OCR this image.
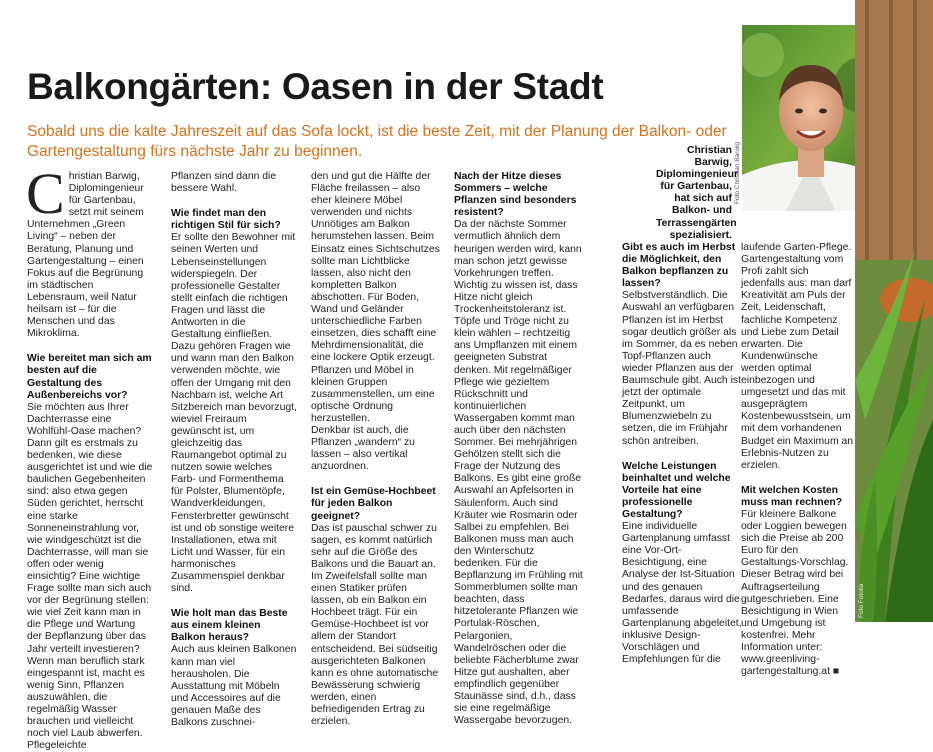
Balkongärten: Oasen in der Stadt
Sobald uns die kalte Jahreszeit auf das Sofa lockt, ist die beste Zeit, mit der Planung der Balkon- oder Gartengestaltung fürs nächste Jahr zu beginnen.

Christian Barwig, Diplomingenieur für Gartenbau, setzt mit seinem Unternehmen „Green Living“ – neben der Beratung, Planung und Gartengestaltung – einen Fokus auf die Begrünung im städtischen Lebensraum, weil Natur heilsam ist – für die Menschen und das Mikroklima.

Wie bereitet man sich am besten auf die Gestaltung des Außenbereichs vor?

Sie möchten aus Ihrer Dachterrasse eine Wohlfühl-Oase machen? Dann gilt es erstmals zu bedenken, wie diese ausgerichtet ist und wie die baulichen Gegebenheiten sind: also etwa gegen Süden gerichtet, herrscht eine starke Sonneneinstrahlung vor, wie windgeschützt ist die Dachterrasse, will man sie offen oder wenig einsichtig? Eine wichtige Frage sollte man sich auch vor der Begrünung stellen: wie viel Zeit kann man in die Pflege und Wartung der Bepflanzung über das Jahr verteilt investieren? Wenn man beruflich stark eingespannt ist, macht es wenig Sinn, Pflanzen auszuwählen, die regelmäßig Wasser brauchen und vielleicht noch viel Laub abwerfen. Pflegeleichte

Pflanzen sind dann die bessere Wahl.

Wie findet man den richtigen Stil für sich?

Er sollte den Bewohner mit seinen Werten und Lebenseinstellungen widerspiegeln. Der professionelle Gestalter stellt einfach die richtigen Fragen und lässt die Antworten in die Gestaltung einfließen. Dazu gehören Fragen wie und wann man den Balkon verwenden möchte, wie offen der Umgang mit den Nachbarn ist, welche Art Sitzbereich man bevorzugt, wieviel Freiraum gewünscht ist, um gleichzeitig das Raumangebot optimal zu nutzen sowie welches Farb- und Formenthema für Polster, Blumentöpfe, Wandverkleidungen, Fensterbretter gewünscht ist und ob sonstige weitere Installationen, etwa mit Licht und Wasser, für ein harmonisches Zusammenspiel denkbar sind.

Wie holt man das Beste aus einem kleinen Balkon heraus?

Auch aus kleinen Balkonen kann man viel herausholen. Die Ausstattung mit Möbeln und Accessoires auf die genauen Maße des Balkons zuschnei-

den und gut die Hälfte der Fläche freilassen – also eher kleinere Möbel verwenden und nichts Unnötiges am Balkon herumstehen lassen. Beim Einsatz eines Sichtschutzes sollte man Lichtblicke lassen, also nicht den kompletten Balkon abschotten. Für Boden, Wand und Geländer unterschiedliche Farben einsetzen, dies schafft eine Mehrdimensionalität, die eine lockere Optik erzeugt. Pflanzen und Möbel in kleinen Gruppen zusammenstellen, um eine optische Ordnung herzustellen.

Denkbar ist auch, die Pflanzen „wandern“ zu lassen – also vertikal anzuordnen.

Ist ein Gemüse-Hochbeet für jeden Balkon geeignet?

Das ist pauschal schwer zu sagen, es kommt natürlich sehr auf die Größe des Balkons und die Bauart an. Im Zweifelsfall sollte man einen Statiker prüfen lassen, ob ein Balkon ein Hochbeet trägt. Für ein Gemüse-Hochbeet ist vor allem der Standort entscheidend. Bei südseitig ausgerichteten Balkonen kann es ohne automatische Bewässerung schwierig werden, einen befriedigenden Ertrag zu erzielen.

Nach der Hitze dieses Sommers – welche Pflanzen sind besonders resistent?

Da der nächste Sommer vermutlich ähnlich dem heurigen werden wird, kann man schon jetzt gewisse Vorkehrungen treffen. Wichtig zu wissen ist, dass Hitze nicht gleich Trockenheitstoleranz ist. Töpfe und Tröge nicht zu klein wählen – rechtzeitig ans Umpflanzen mit einem geeigneten Substrat denken. Mit regelmäßiger Pflege wie gezieltem Rückschnitt und kontinuierlichen Wassergaben kommt man auch über den nächsten Sommer. Bei mehrjährigen Gehölzen stellt sich die Frage der Nutzung des Balkons. Es gibt eine große Auswahl an Apfelsorten in Säulenform. Auch sind Kräuter wie Rosmarin oder Salbei zu empfehlen. Bei Balkonen muss man auch den Winterschutz bedenken. Für die Bepflanzung im Frühling mit Sommerblumen sollte man beachten, dass hitzetolerante Pflanzen wie Portulak-Röschen, Pelargonien, Wandelröschen oder die beliebte Fächerblume zwar Hitze gut aushalten, aber empfindlich gegenüber Staunässe sind, d.h., dass sie eine regelmäßige Wassergabe bevorzugen.

Foto Christian Barwig
Christian Barwig, Diplomingenieur für Gartenbau, hat sich auf Balkon- und Terrassengärten spezialisiert.
Gibt es auch im Herbst die Möglichkeit, den Balkon bepflanzen zu lassen?

Selbstverständlich. Die Auswahl an verfügbaren Pflanzen ist im Herbst sogar deutlich größer als im Sommer, da es neben Topf-Pflanzen auch wieder Pflanzen aus der Baumschule gibt. Auch ist jetzt der optimale Zeitpunkt, um Blumenzwiebeln zu setzen, die im Frühjahr schön antreiben.

Welche Leistungen beinhaltet und welche Vorteile hat eine professionelle Gestaltung?

Eine individuelle Gartenplanung umfasst eine Vor-Ort-Besichtigung, eine Analyse der Ist-Situation und des genauen Bedarfes, daraus wird die umfassende Gartenplanung abgeleitet, inklusive Design-Vorschlägen und Empfehlungen für die

laufende Garten-Pflege. Gartengestaltung vom Profi zahlt sich jedenfalls aus: man darf Kreativität am Puls der Zeit, Leidenschaft, fachliche Kompetenz und Liebe zum Detail erwarten. Die Kundenwünsche werden optimal einbezogen und umgesetzt und das mit ausgeprägtem Kostenbewusstsein, um mit dem vorhandenen Budget ein Maximum an Erlebnis-Nutzen zu erzielen.

Mit welchen Kosten muss man rechnen?

Für kleinere Balkone oder Loggien bewegen sich die Preise ab 200 Euro für den Gestaltungs-Vorschlag. Dieser Betrag wird bei Auftragserteilung gutgeschrieben. Eine Besichtigung in Wien und Umgebung ist kostenfrei. Mehr Information unter: www.greenliving-gartengestaltung.at ■

Foto Fotolia
